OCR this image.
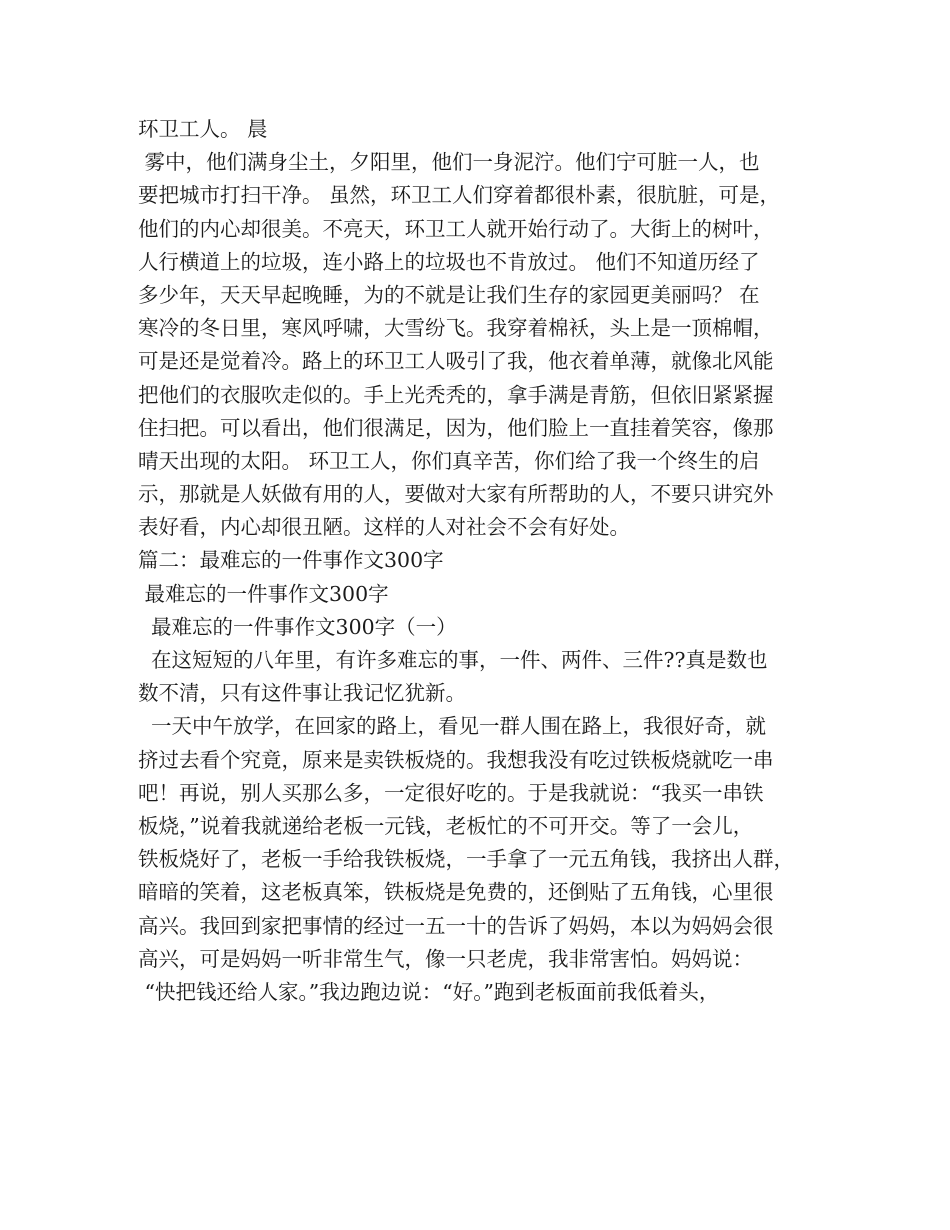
环卫工人。 晨
雾中，他们满身尘土，夕阳里，他们一身泥泞。他们宁可脏一人，也
要把城市打扫干净。 虽然，环卫工人们穿着都很朴素，很肮脏，可是，
他们的内心却很美。不亮天，环卫工人就开始行动了。大街上的树叶，
人行横道上的垃圾，连小路上的垃圾也不肯放过。 他们不知道历经了
多少年，天天早起晚睡，为的不就是让我们生存的家园更美丽吗？ 在
寒冷的冬日里，寒风呼啸，大雪纷飞。我穿着棉袄，头上是一顶棉帽，
可是还是觉着冷。路上的环卫工人吸引了我，他衣着单薄，就像北风能
把他们的衣服吹走似的。手上光秃秃的，拿手满是青筋，但依旧紧紧握
住扫把。可以看出，他们很满足，因为，他们脸上一直挂着笑容，像那
晴天出现的太阳。 环卫工人，你们真辛苦，你们给了我一个终生的启
示，那就是人妖做有用的人，要做对大家有所帮助的人，不要只讲究外
表好看，内心却很丑陋。这样的人对社会不会有好处。
篇二：最难忘的一件事作文300字
最难忘的一件事作文300字
最难忘的一件事作文300字（一）
在这短短的八年里，有许多难忘的事，一件、两件、三件??真是数也
数不清，只有这件事让我记忆犹新。
一天中午放学，在回家的路上，看见一群人围在路上，我很好奇，就
挤过去看个究竟，原来是卖铁板烧的。我想我没有吃过铁板烧就吃一串
吧！再说，别人买那么多，一定很好吃的。于是我就说：“我买一串铁
板烧，”说着我就递给老板一元钱，老板忙的不可开交。等了一会儿，
铁板烧好了，老板一手给我铁板烧，一手拿了一元五角钱，我挤出人群，
暗暗的笑着，这老板真笨，铁板烧是免费的，还倒贴了五角钱，心里很
高兴。我回到家把事情的经过一五一十的告诉了妈妈，本以为妈妈会很
高兴，可是妈妈一听非常生气，像一只老虎，我非常害怕。妈妈说：
“快把钱还给人家。”我边跑边说：“好。”跑到老板面前我低着头，
